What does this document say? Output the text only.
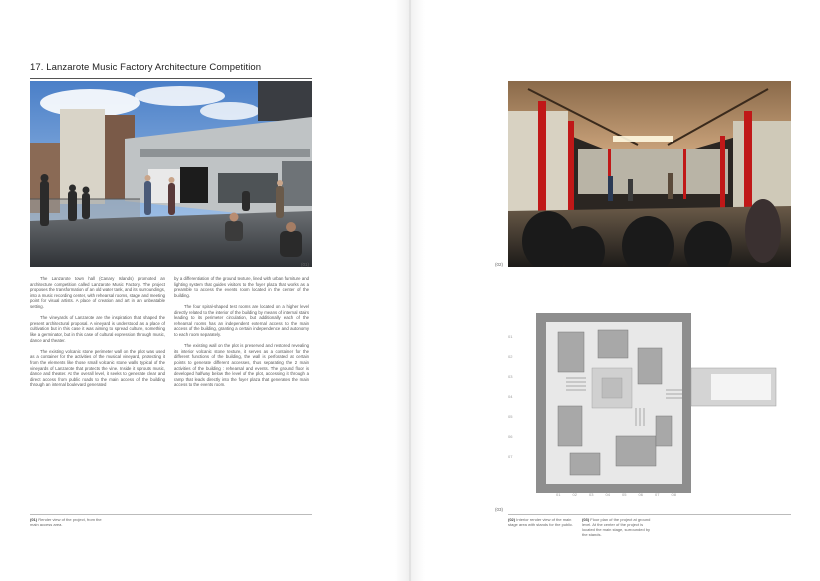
17. Lanzarote Music Factory Architecture Competition
(01)

The Lanzarote town hall (Canary Islands) promoted an architecture competition called Lanzarote Music Factory. The project proposes the transformation of an old water tank, and its surroundings, into a music recording center, with rehearsal rooms, stage and meeting point for visual artists. A place of creation and art in an unbeatable setting.

The vineyards of Lanzarote are the inspiration that shaped the present architectural proposal. A vineyard is understood as a place of cultivation but in this case it was aiming to spread culture, something like a germinator, but in this case of cultural expression through music, dance and theater.

The existing volcanic stone perimeter wall on the plot was used as a container for the activities of the musical vineyard, protecting it from the elements like those small volcanic stone walls typical of the vineyards of Lanzarote that protects the vine. Inside it sprouts music, dance and theater. At the overall level, it seeks to generate clear and direct access from public roads to the main access of the building through an internal boulevard generated

by a differentiation of the ground texture, lined with urban furniture and lighting system that guides visitors to the foyer plaza that works as a preamble to access the events room located in the center of the building.

The four spiral-shaped test rooms are located on a higher level directly related to the interior of the building by means of internal stairs leading to its perimeter circulation, but additionally each of the rehearsal rooms has an independent external access to the main access of the building, granting a certain independence and autonomy to each room separately.

The existing wall on the plot is preserved and restored revealing its interior volcanic stone texture, it serves as a container for the different functions of the building, the wall is perforated at certain points to generate different accesses, thus separating the 2 main activities of the building : rehearsal and events. The ground floor is developed halfway below the level of the plot, accessing it through a ramp that leads directly into the foyer plaza that generates the main access to the events room.

(01) Render view of the project, from the main access area.
(02)
01
02
03
04
05
06
07
01	02	03	04	05	06	07	08
(03)
(02) Interior render view of the main stage area with stands for the public.
(03) Floor plan of the project at ground level. At the center of the project is located the main stage, surrounded by the stands.
